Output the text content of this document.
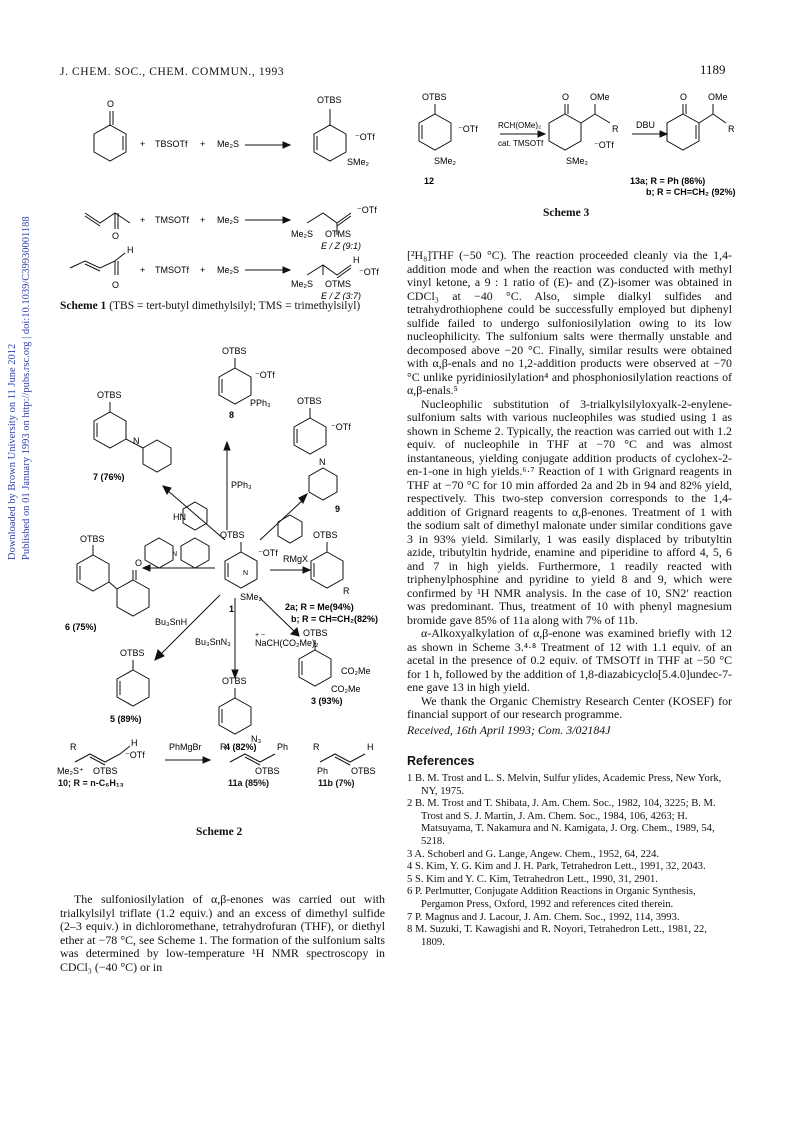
J. CHEM. SOC., CHEM. COMMUN., 1993	1189
Downloaded by Brown University on 11 June 2012 Published on 01 January 1993 on http://pubs.rsc.org | doi:10.1039/C39930001188
O
+ TBSOTf + Me₂S
OTBS
⁻OTf
SMe₂
O
+ TMSOTf + Me₂S
⁻OTf
Me₂S OTMS
E / Z (9:1)
H
O
+ TMSOTf + Me₂S
H
⁻OTf
Me₂S OTMS
E / Z (3:7)
Scheme 1 (TBS = tert-butyl dimethylsilyl; TMS = trimethylsilyl)
N
OTBS
⁻OTf
SMe₂
1
OTBS
⁻OTf
PPh₃
8
PPh₃
OTBS
⁻OTf
N
9
OTBS
N
7 (76%)
HN
OTBS
O
6 (75%)
N
OTBS
R
RMgX
2a; R = Me(94%)
b; R = CH=CH₂(82%)
OTBS
5 (89%)
Bu₃SnH
OTBS
N₃
4 (82%)
Bu₃SnN₃
OTBS
CO₂Me
CO₂Me
3 (93%)
+ −
NaCH(CO₂Me)₂
R	H
⁻OTf
Me₂S⁺ OTBS
PhMgBr R	Ph
OTBS
R	H
Ph	OTBS
10; R = n-C₆H₁₃	11a (85%)	11b (7%)
Scheme 2
OTBS
⁻OTf
SMe₂
12
RCH(OMe)₂
cat. TMSOTf
O OMe
R
⁻OTf
SMe₂
DBU
O OMe
R
13a; R = Ph (86%)
b; R = CH=CH₂ (92%)
Scheme 3

The sulfoniosilylation of α,β-enones was carried out with trialkylsilyl triflate (1.2 equiv.) and an excess of dimethyl sulfide (2–3 equiv.) in dichloromethane, tetrahydrofuran (THF), or diethyl ether at −78 °C, see Scheme 1. The formation of the sulfonium salts was determined by low-temperature ¹H NMR spectroscopy in CDCl₃ (−40 °C) or in

[²H₈]THF (−50 °C). The reaction proceeded cleanly via the 1,4-addition mode and when the reaction was conducted with methyl vinyl ketone, a 9 : 1 ratio of (E)- and (Z)-isomer was obtained in CDCl₃ at −40 °C. Also, simple dialkyl sulfides and tetrahydrothiophene could be successfully employed but diphenyl sulfide failed to undergo sulfoniosilylation owing to its low nucleophilicity. The sulfonium salts were thermally unstable and decomposed above −20 °C. Finally, similar results were obtained with α,β-enals and no 1,2-addition products were observed at −70 °C unlike pyridiniosilylation⁴ and phosphoniosilylation reactions of α,β-enals.⁵

Nucleophilic substitution of 3-trialkylsilyloxyalk-2-enylene-sulfonium salts with various nucleophiles was studied using 1 as shown in Scheme 2. Typically, the reaction was carried out with 1.2 equiv. of nucleophile in THF at −70 °C and was almost instantaneous, yielding conjugate addition products of cyclohex-2-en-1-one in high yields.⁶·⁷ Reaction of 1 with Grignard reagents in THF at −70 °C for 10 min afforded 2a and 2b in 94 and 82% yield, respectively. This two-step conversion corresponds to the 1,4-addition of Grignard reagents to α,β-enones. Treatment of 1 with the sodium salt of dimethyl malonate under similar conditions gave 3 in 93% yield. Similarly, 1 was easily displaced by tributyltin azide, tributyltin hydride, enamine and piperidine to afford 4, 5, 6 and 7 in high yields. Furthermore, 1 readily reacted with triphenylphosphine and pyridine to yield 8 and 9, which were confirmed by ¹H NMR analysis. In the case of 10, SN2′ reaction was predominant. Thus, treatment of 10 with phenyl magnesium bromide gave 85% of 11a along with 7% of 11b.

α-Alkoxyalkylation of α,β-enone was examined briefly with 12 as shown in Scheme 3.⁴·⁸ Treatment of 12 with 1.1 equiv. of an acetal in the presence of 0.2 equiv. of TMSOTf in THF at −50 °C for 1 h, followed by the addition of 1,8-diazabicyclo[5.4.0]undec-7-ene gave 13 in high yield.

We thank the Organic Chemistry Research Center (KOSEF) for financial support of our research programme.

Received, 16th April 1993; Com. 3/02184J
References
1 B. M. Trost and L. S. Melvin, Sulfur ylides, Academic Press, New York, NY, 1975.
2 B. M. Trost and T. Shibata, J. Am. Chem. Soc., 1982, 104, 3225; B. M. Trost and S. J. Martin, J. Am. Chem. Soc., 1984, 106, 4263; H. Matsuyama, T. Nakamura and N. Kamigata, J. Org. Chem., 1989, 54, 5218.
3 A. Schoberl and G. Lange, Angew. Chem., 1952, 64, 224.
4 S. Kim, Y. G. Kim and J. H. Park, Tetrahedron Lett., 1991, 32, 2043.
5 S. Kim and Y. C. Kim, Tetrahedron Lett., 1990, 31, 2901.
6 P. Perlmutter, Conjugate Addition Reactions in Organic Synthesis, Pergamon Press, Oxford, 1992 and references cited therein.
7 P. Magnus and J. Lacour, J. Am. Chem. Soc., 1992, 114, 3993.
8 M. Suzuki, T. Kawagishi and R. Noyori, Tetrahedron Lett., 1981, 22, 1809.
